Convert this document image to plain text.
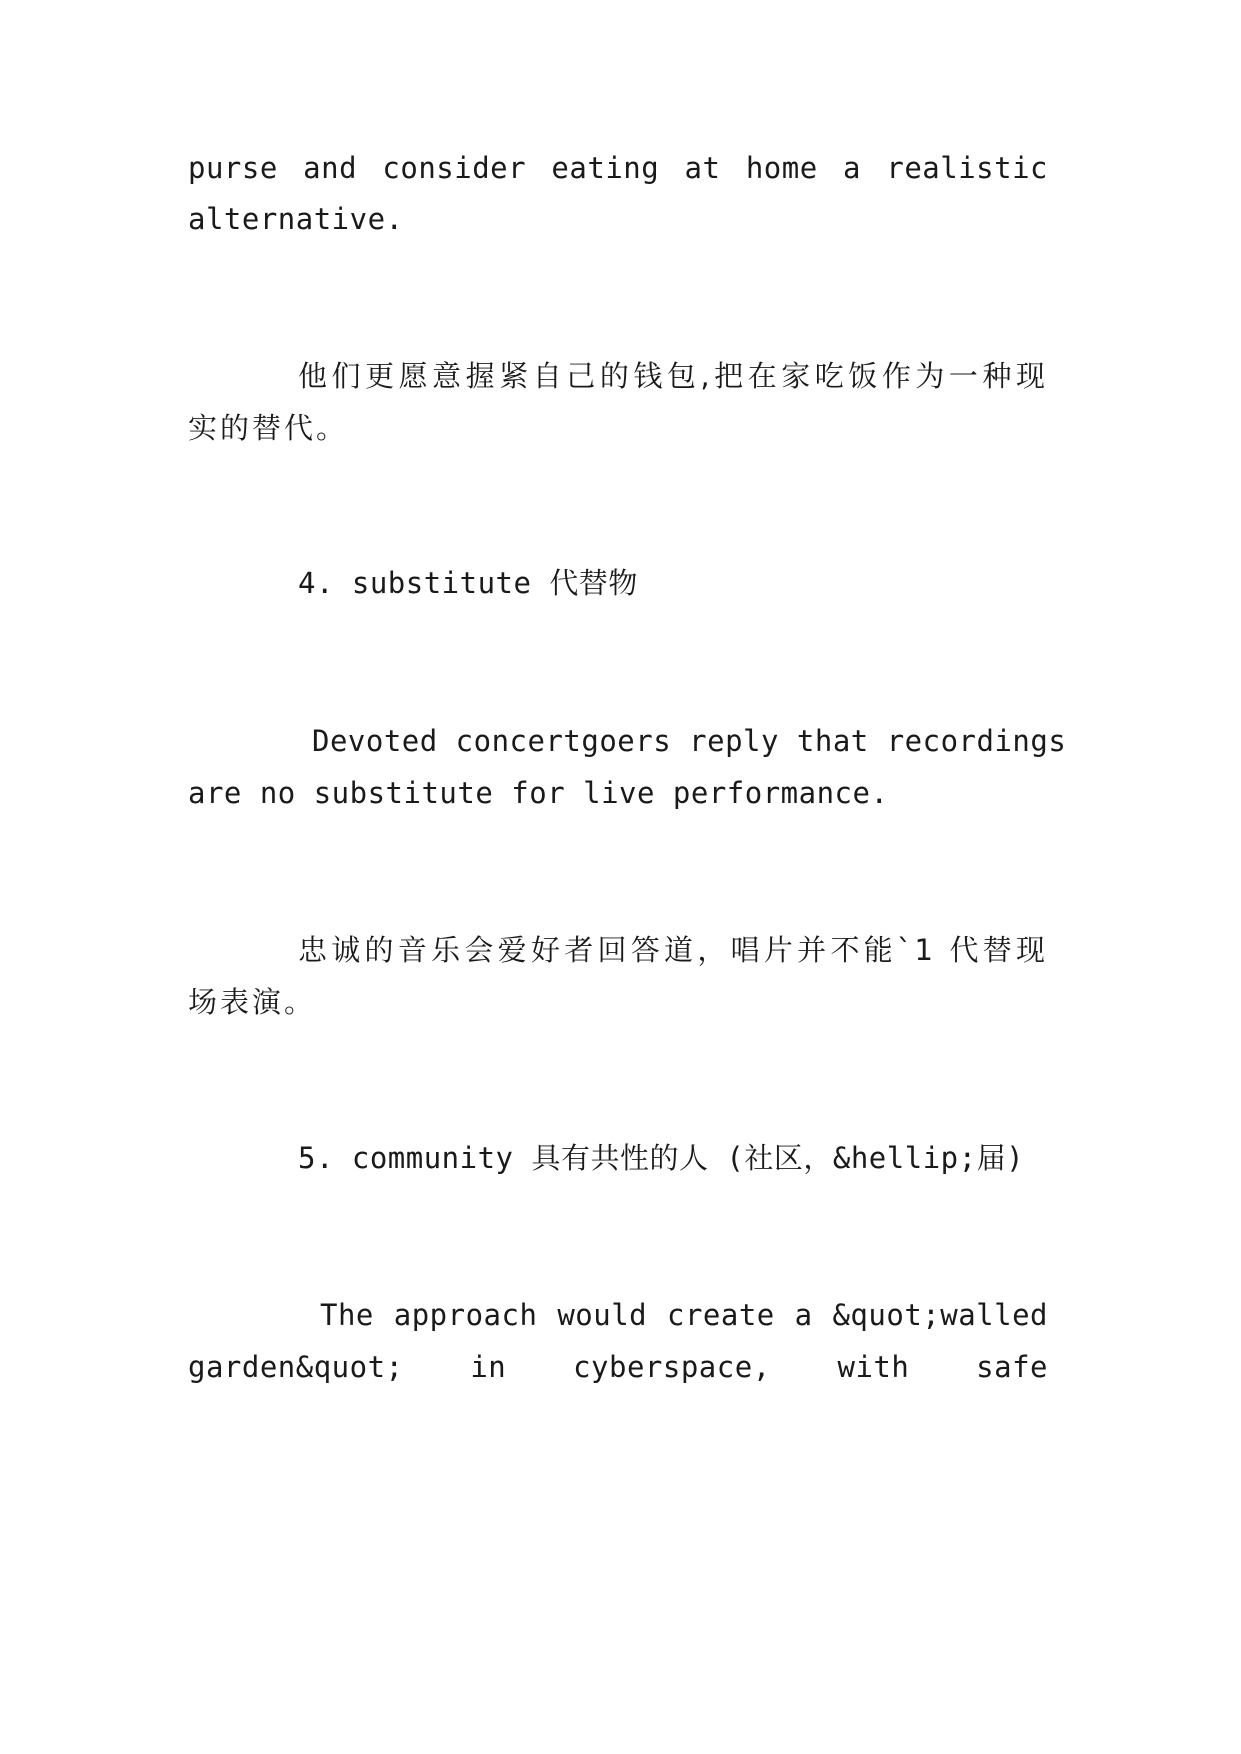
purse and consider eating at home a realistic
alternative.
他们更愿意握紧自己的钱包,把在家吃饭作为一种现
实的替代。
4. substitute 代替物
Devoted concertgoers reply that recordings
are no substitute for live performance.
忠诚的音乐会爱好者回答道，唱片并不能`1 代替现
场表演。
5. community 具有共性的人 (社区，&hellip;届)
The approach would create a &quot;walled
garden&quot; in cyberspace, with safe
